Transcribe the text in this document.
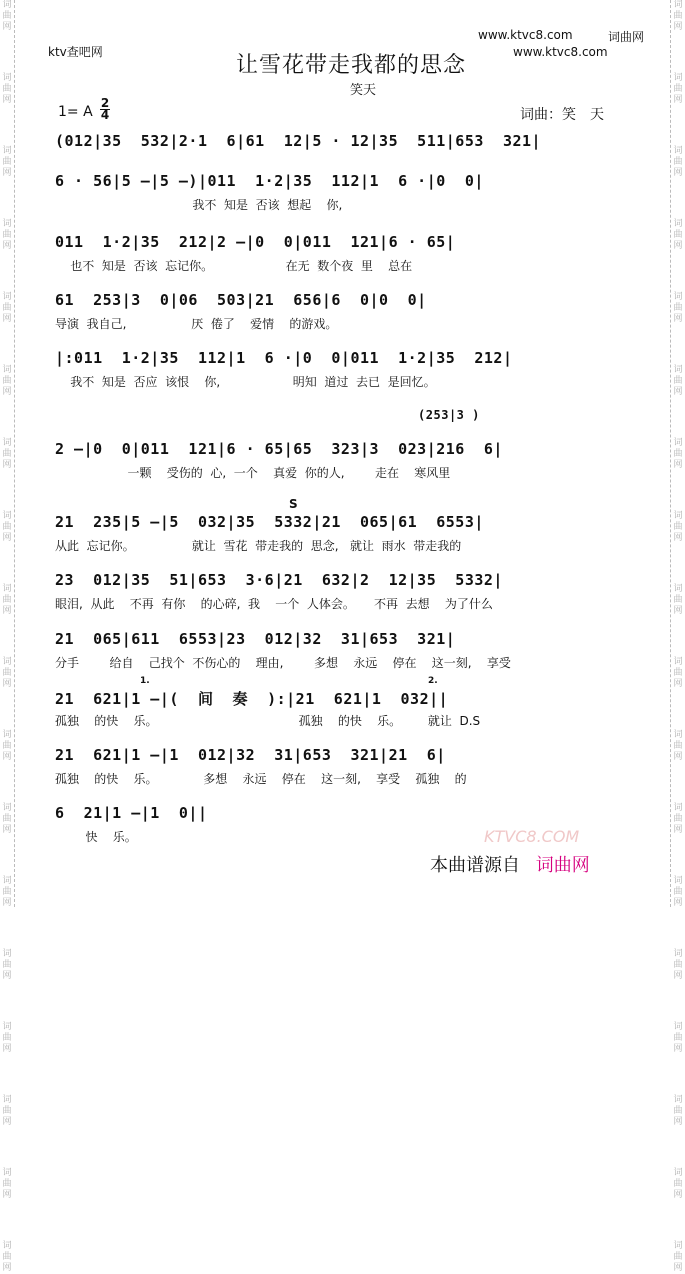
词曲网
词曲网
词曲网
词曲网
词曲网
词曲网
词曲网
词曲网
词曲网
词曲网
词曲网
词曲网
词曲网
词曲网
词曲网
词曲网
词曲网
词曲网
词曲网
词曲网
词曲网
词曲网
词曲网
词曲网
词曲网
词曲网
词曲网
词曲网
词曲网
词曲网
词曲网
词曲网
词曲网
词曲网
词曲网
词曲网
ktv查吧网
www.ktvc8.com	词曲网
www.ktvc8.com
让雪花带走我都的思念
笑天
1= A
2
4	词曲：笑　天
(012|35  532|2·1  6|61  12|5 · 12|35  511|653  321|
6 · 56|5 –|5 –)|011  1·2|35  112|1  6 ·|0  0|
我不  知是  否该  想起    你,
011  1·2|35  212|2 –|0  0|011  121|6 · 65|
也不  知是  否该  忘记你。                   在无  数个夜  里    总在
61  253|3  0|06  503|21  656|6  0|0  0|
导演  我自己,                 厌  倦了    爱情    的游戏。
|:011  1·2|35  112|1  6 ·|0  0|011  1·2|35  212|
我不  知是  否应  该恨    你,                   明知  道过  去已  是回忆。
(253|3 )
2 –|0  0|011  121|6 · 65|65  323|3  023|216  6|
一颗    受伤的  心,  一个    真爱  你的人,        走在    寒风里
21  235|5 –|5  032|35  5332|21  065|61  6553|
从此  忘记你。               就让  雪花  带走我的  思念,   就让  雨水  带走我的
23  012|35  51|653  3·6|21  632|2  12|35  5332|
眼泪,  从此    不再  有你    的心碎,  我    一个  人体会。     不再  去想    为了什么
21  065|611  6553|23  012|32  31|653  321|
分手        给自    己找个  不伤心的    理由,        多想    永远    停在    这一刻,    享受
21  621|1 –|(  间  奏  ):|21  621|1  032||
孤独    的快    乐。                                     孤独    的快    乐。       就让  D.S
21  621|1 –|1  012|32  31|653  321|21  6|
孤独    的快    乐。            多想    永远    停在    这一刻,    享受    孤独    的
6  21|1 –|1  0||
快    乐。
S
1.	2.
KTVC8.COM
本曲谱源自 词曲网
